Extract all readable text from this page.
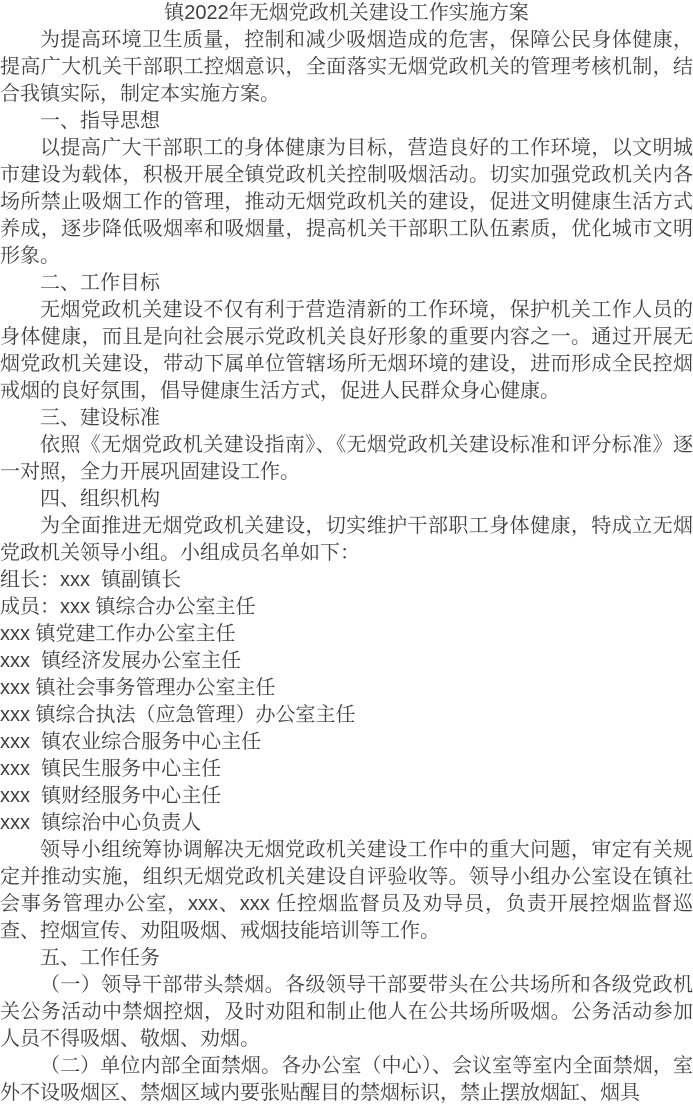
镇2022年无烟党政机关建设工作实施方案

为提高环境卫生质量，控制和减少吸烟造成的危害，保障公民身体健康，提高广大机关干部职工控烟意识，全面落实无烟党政机关的管理考核机制，结合我镇实际，制定本实施方案。

一、指导思想

以提高广大干部职工的身体健康为目标，营造良好的工作环境，以文明城市建设为载体，积极开展全镇党政机关控制吸烟活动。切实加强党政机关内各场所禁止吸烟工作的管理，推动无烟党政机关的建设，促进文明健康生活方式养成，逐步降低吸烟率和吸烟量，提高机关干部职工队伍素质，优化城市文明形象。

二、工作目标

无烟党政机关建设不仅有利于营造清新的工作环境，保护机关工作人员的身体健康，而且是向社会展示党政机关良好形象的重要内容之一。通过开展无烟党政机关建设，带动下属单位管辖场所无烟环境的建设，进而形成全民控烟戒烟的良好氛围，倡导健康生活方式，促进人民群众身心健康。

三、建设标准

依照《无烟党政机关建设指南》、《无烟党政机关建设标准和评分标准》逐一对照，全力开展巩固建设工作。

四、组织机构

为全面推进无烟党政机关建设，切实维护干部职工身体健康，特成立无烟党政机关领导小组。小组成员名单如下：

组长：xxx  镇副镇长

成员：xxx 镇综合办公室主任

xxx 镇党建工作办公室主任

xxx  镇经济发展办公室主任

xxx 镇社会事务管理办公室主任

xxx 镇综合执法（应急管理）办公室主任

xxx  镇农业综合服务中心主任

xxx  镇民生服务中心主任

xxx  镇财经服务中心主任

xxx  镇综治中心负责人

领导小组统筹协调解决无烟党政机关建设工作中的重大问题，审定有关规定并推动实施，组织无烟党政机关建设自评验收等。领导小组办公室设在镇社会事务管理办公室，xxx、xxx 任控烟监督员及劝导员，负责开展控烟监督巡查、控烟宣传、劝阻吸烟、戒烟技能培训等工作。

五、工作任务

（一）领导干部带头禁烟。各级领导干部要带头在公共场所和各级党政机关公务活动中禁烟控烟，及时劝阻和制止他人在公共场所吸烟。公务活动参加人员不得吸烟、敬烟、劝烟。

（二）单位内部全面禁烟。各办公室（中心）、会议室等室内全面禁烟，室外不设吸烟区、禁烟区域内要张贴醒目的禁烟标识，禁止摆放烟缸、烟具
